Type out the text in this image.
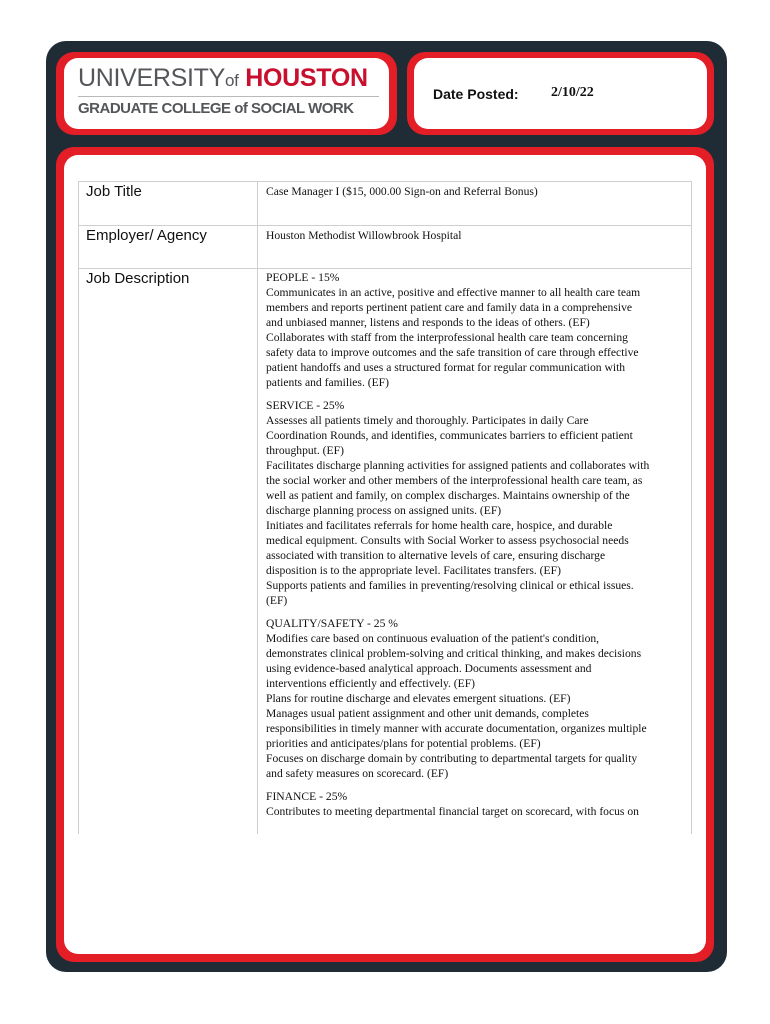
UNIVERSITYof HOUSTON
GRADUATE COLLEGE of SOCIAL WORK
Date Posted: 2/10/22
Job Title	Case Manager I ($15, 000.00 Sign-on and Referral Bonus)
Employer/ Agency	Houston Methodist Willowbrook Hospital
Job Description	PEOPLE - 15%
Communicates in an active, positive and effective manner to all health care team
members and reports pertinent patient care and family data in a comprehensive
and unbiased manner, listens and responds to the ideas of others. (EF)
Collaborates with staff from the interprofessional health care team concerning
safety data to improve outcomes and the safe transition of care through effective
patient handoffs and uses a structured format for regular communication with
patients and families. (EF)
SERVICE - 25%
Assesses all patients timely and thoroughly. Participates in daily Care
Coordination Rounds, and identifies, communicates barriers to efficient patient
throughput. (EF)
Facilitates discharge planning activities for assigned patients and collaborates with
the social worker and other members of the interprofessional health care team, as
well as patient and family, on complex discharges. Maintains ownership of the
discharge planning process on assigned units. (EF)
Initiates and facilitates referrals for home health care, hospice, and durable
medical equipment. Consults with Social Worker to assess psychosocial needs
associated with transition to alternative levels of care, ensuring discharge
disposition is to the appropriate level. Facilitates transfers. (EF)
Supports patients and families in preventing/resolving clinical or ethical issues.
(EF)
QUALITY/SAFETY - 25 %
Modifies care based on continuous evaluation of the patient's condition,
demonstrates clinical problem-solving and critical thinking, and makes decisions
using evidence-based analytical approach. Documents assessment and
interventions efficiently and effectively. (EF)
Plans for routine discharge and elevates emergent situations. (EF)
Manages usual patient assignment and other unit demands, completes
responsibilities in timely manner with accurate documentation, organizes multiple
priorities and anticipates/plans for potential problems. (EF)
Focuses on discharge domain by contributing to departmental targets for quality
and safety measures on scorecard. (EF)
FINANCE - 25%
Contributes to meeting departmental financial target on scorecard, with focus on
